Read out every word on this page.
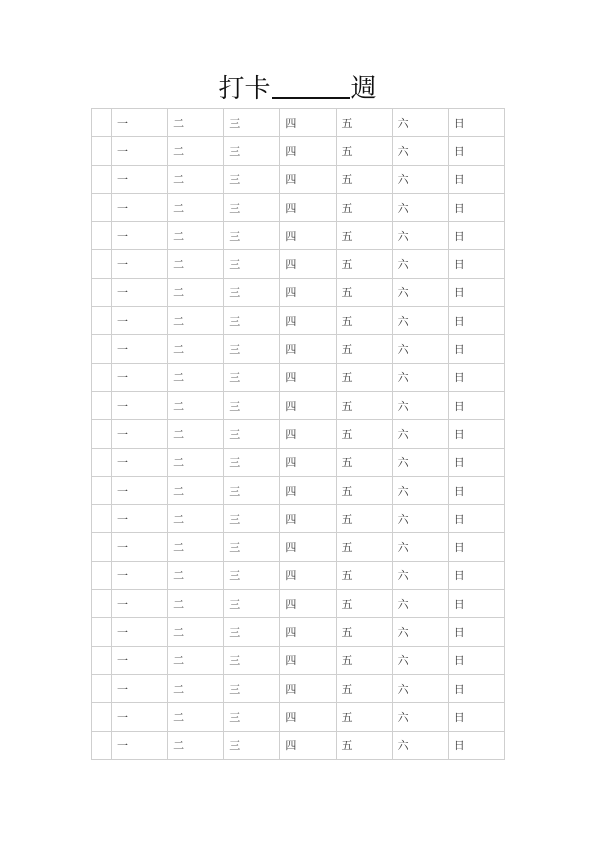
打卡	週
	一	二	三	四	五	六	日
	一	二	三	四	五	六	日
	一	二	三	四	五	六	日
	一	二	三	四	五	六	日
	一	二	三	四	五	六	日
	一	二	三	四	五	六	日
	一	二	三	四	五	六	日
	一	二	三	四	五	六	日
	一	二	三	四	五	六	日
	一	二	三	四	五	六	日
	一	二	三	四	五	六	日
	一	二	三	四	五	六	日
	一	二	三	四	五	六	日
	一	二	三	四	五	六	日
	一	二	三	四	五	六	日
	一	二	三	四	五	六	日
	一	二	三	四	五	六	日
	一	二	三	四	五	六	日
	一	二	三	四	五	六	日
	一	二	三	四	五	六	日
	一	二	三	四	五	六	日
	一	二	三	四	五	六	日
	一	二	三	四	五	六	日
